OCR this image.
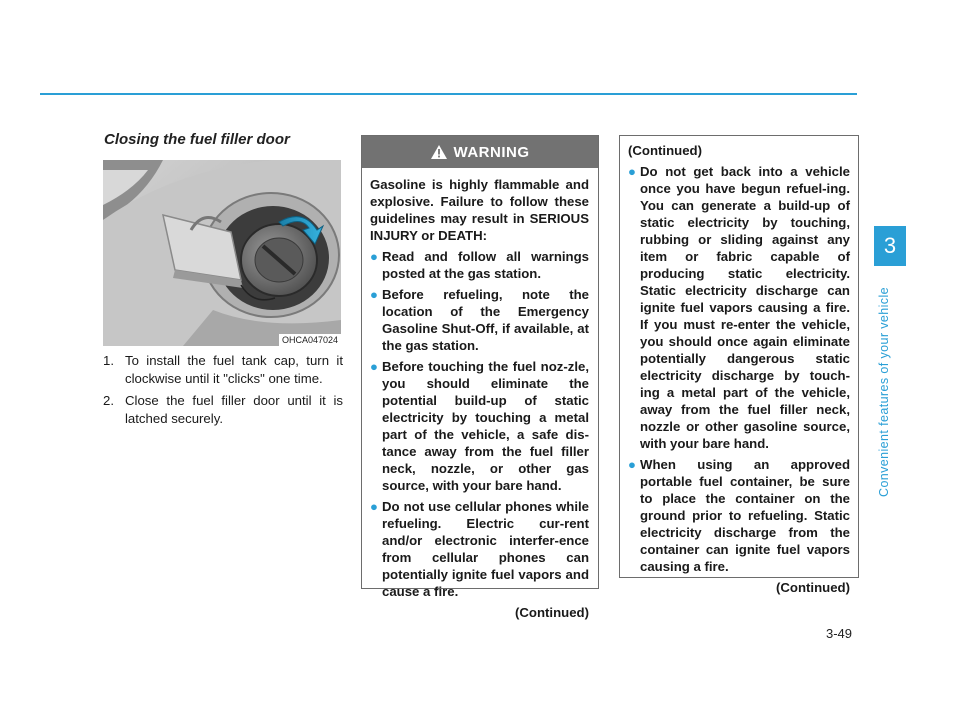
Closing the fuel filler door
OHCA047024
1. To install the fuel tank cap, turn it clockwise until it "clicks" one time.
2. Close the fuel filler door until it is latched securely.
WARNING

Gasoline is highly flammable and explosive. Failure to follow these guidelines may result in SERIOUS INJURY or DEATH:

● Read and follow all warnings posted at the gas station.
● Before refueling, note the location of the Emergency Gasoline Shut-Off, if available, at the gas station.
● Before touching the fuel noz-zle, you should eliminate the potential build-up of static electricity by touching a metal part of the vehicle, a safe dis-tance away from the fuel filler neck, nozzle, or other gas source, with your bare hand.
● Do not use cellular phones while refueling. Electric cur-rent and/or electronic interfer-ence from cellular phones can potentially ignite fuel vapors and cause a fire.
(Continued)

(Continued)

● Do not get back into a vehicle once you have begun refuel-ing. You can generate a build-up of static electricity by touching, rubbing or sliding against any item or fabric capable of producing static electricity. Static electricity discharge can ignite fuel vapors causing a fire. If you must re-enter the vehicle, you should once again eliminate potentially dangerous static electricity discharge by touch-ing a metal part of the vehicle, away from the fuel filler neck, nozzle or other gasoline source, with your bare hand.
● When using an approved portable fuel container, be sure to place the container on the ground prior to refueling. Static electricity discharge from the container can ignite fuel vapors causing a fire.
(Continued)
3
Convenient features of your vehicle
3-49
